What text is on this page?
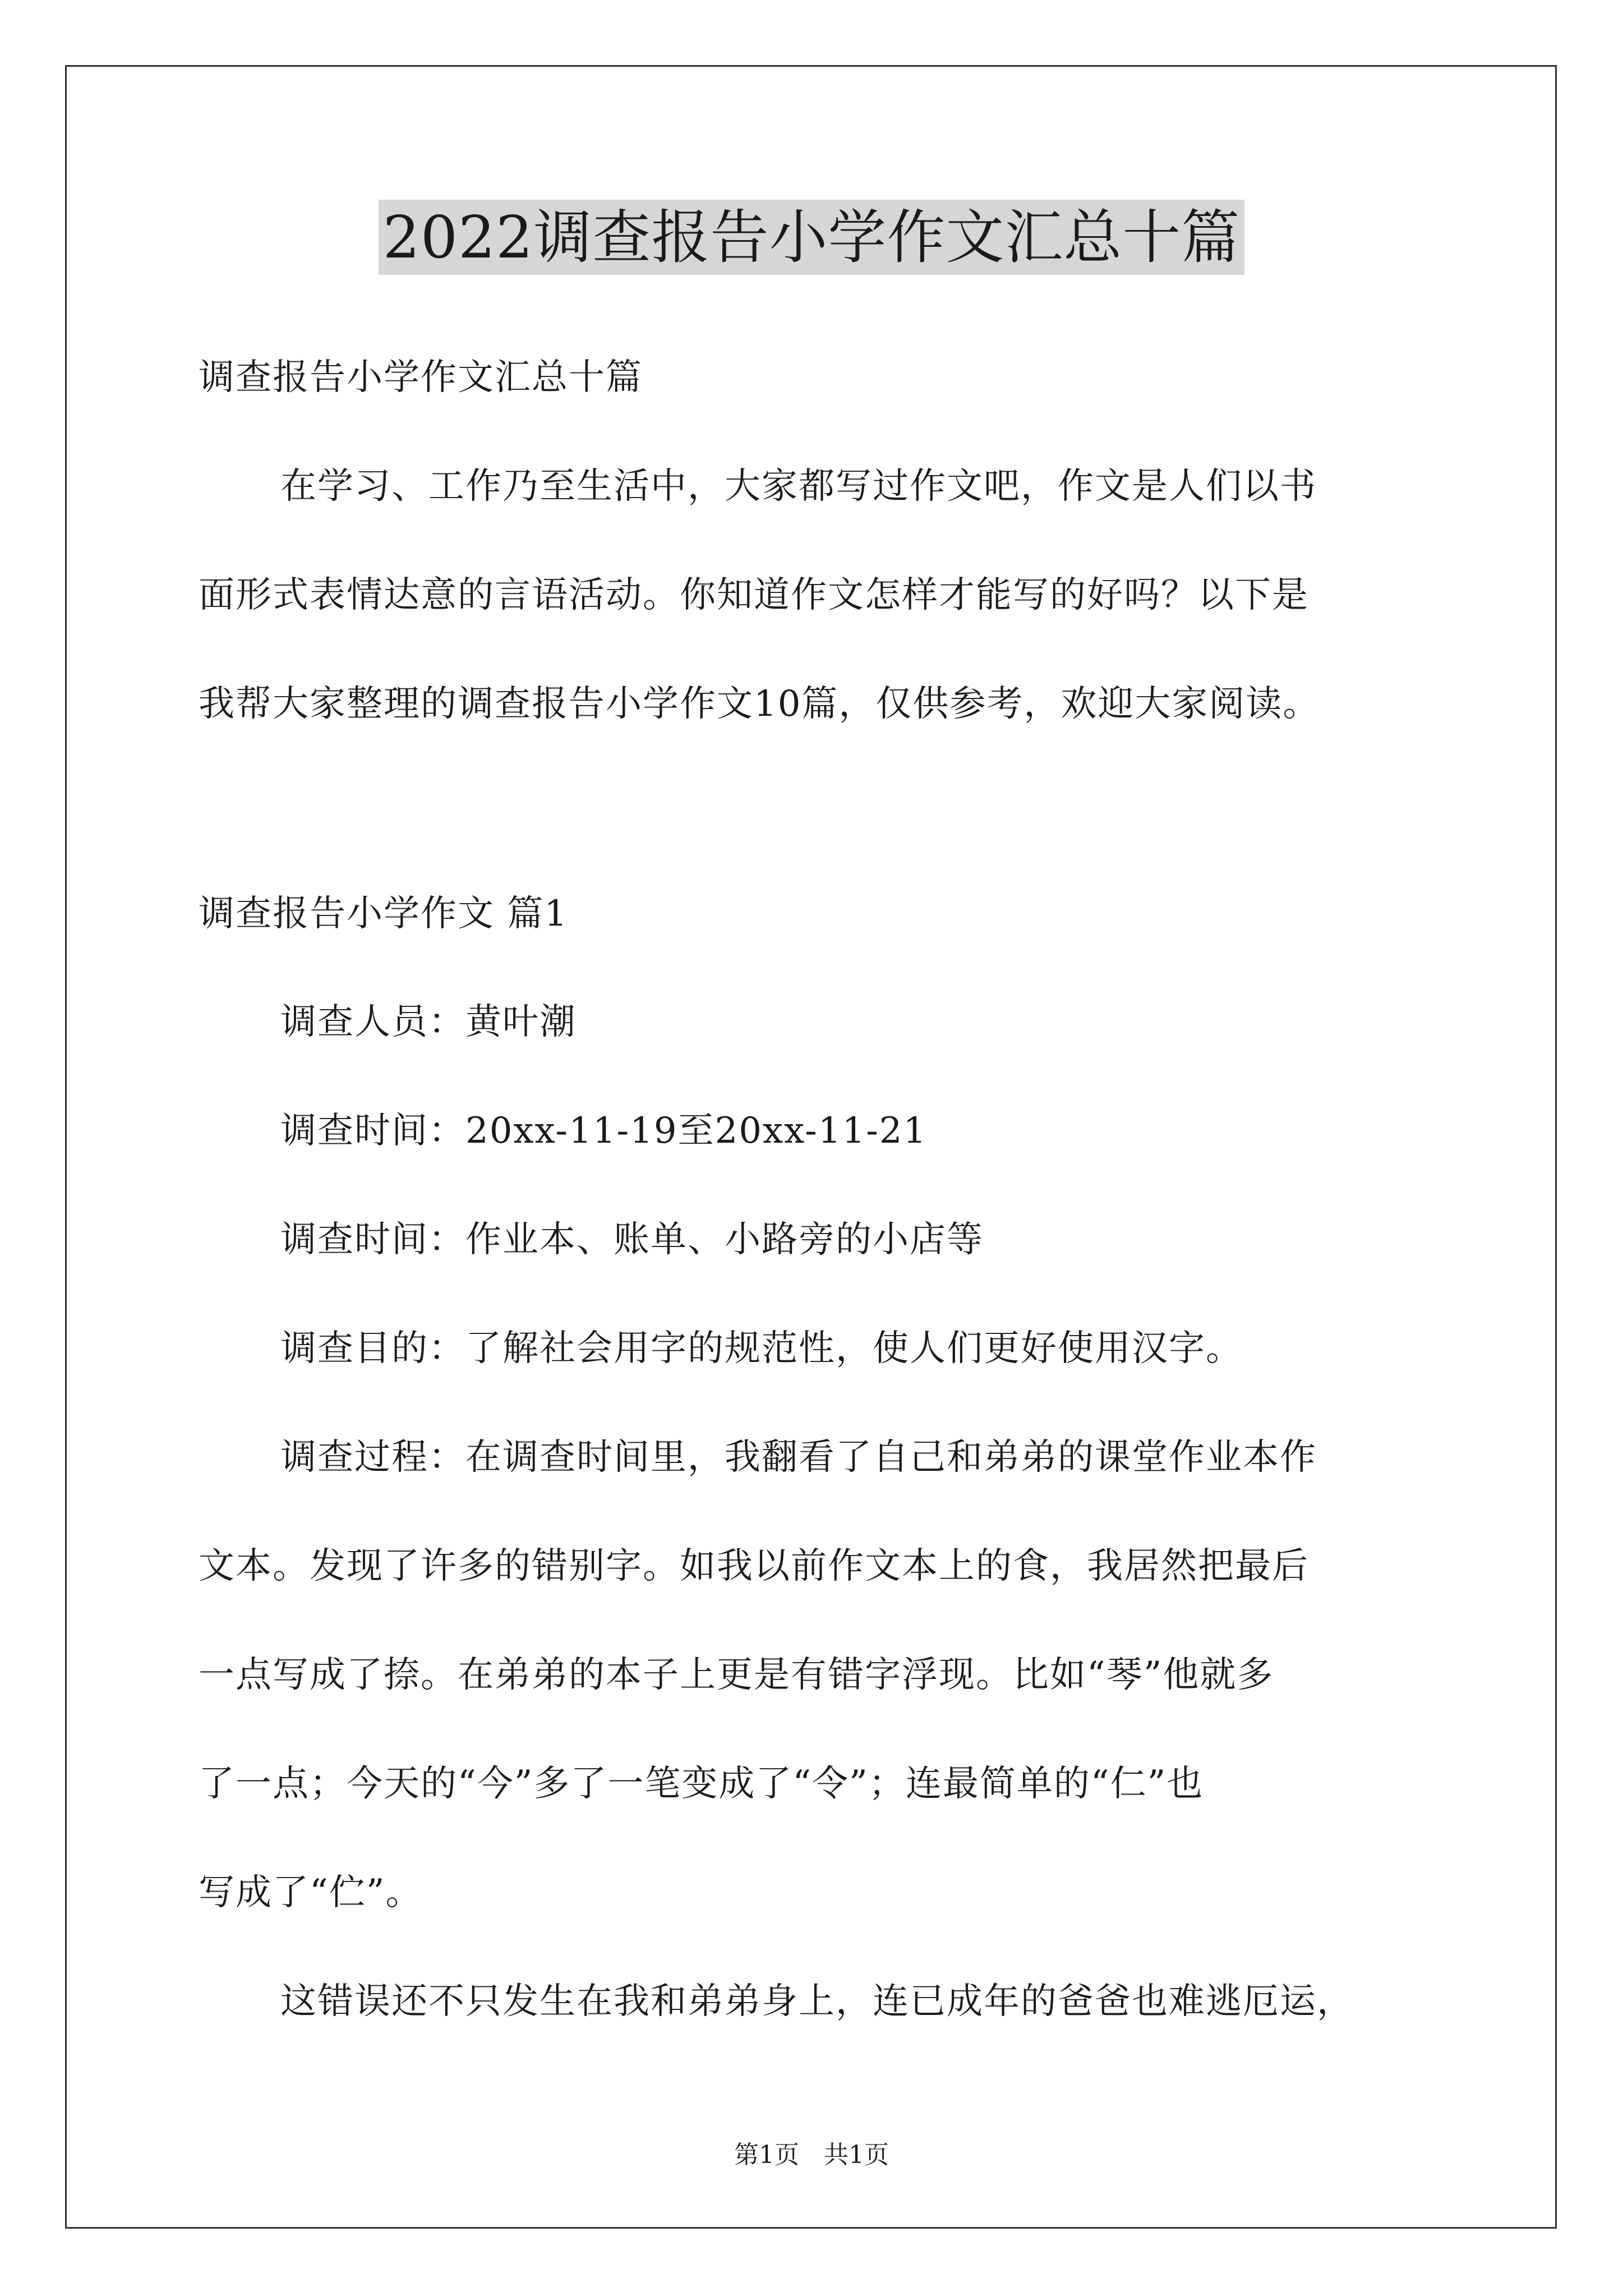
2022调查报告小学作文汇总十篇
调查报告小学作文汇总十篇
在学习、工作乃至生活中，大家都写过作文吧，作文是人们以书
面形式表情达意的言语活动。你知道作文怎样才能写的好吗？以下是
我帮大家整理的调查报告小学作文10篇，仅供参考，欢迎大家阅读。
调查报告小学作文 篇1
调查人员：黄叶潮
调查时间：20xx-11-19至20xx-11-21
调查时间：作业本、账单、小路旁的小店等
调查目的：了解社会用字的规范性，使人们更好使用汉字。
调查过程：在调查时间里，我翻看了自己和弟弟的课堂作业本作
文本。发现了许多的错别字。如我以前作文本上的食，我居然把最后
一点写成了捺。在弟弟的本子上更是有错字浮现。比如“琴”他就多
了一点；今天的“今”多了一笔变成了“令”；连最简单的“仁”也
写成了“伫”。
这错误还不只发生在我和弟弟身上，连已成年的爸爸也难逃厄运，
第1页　共1页
